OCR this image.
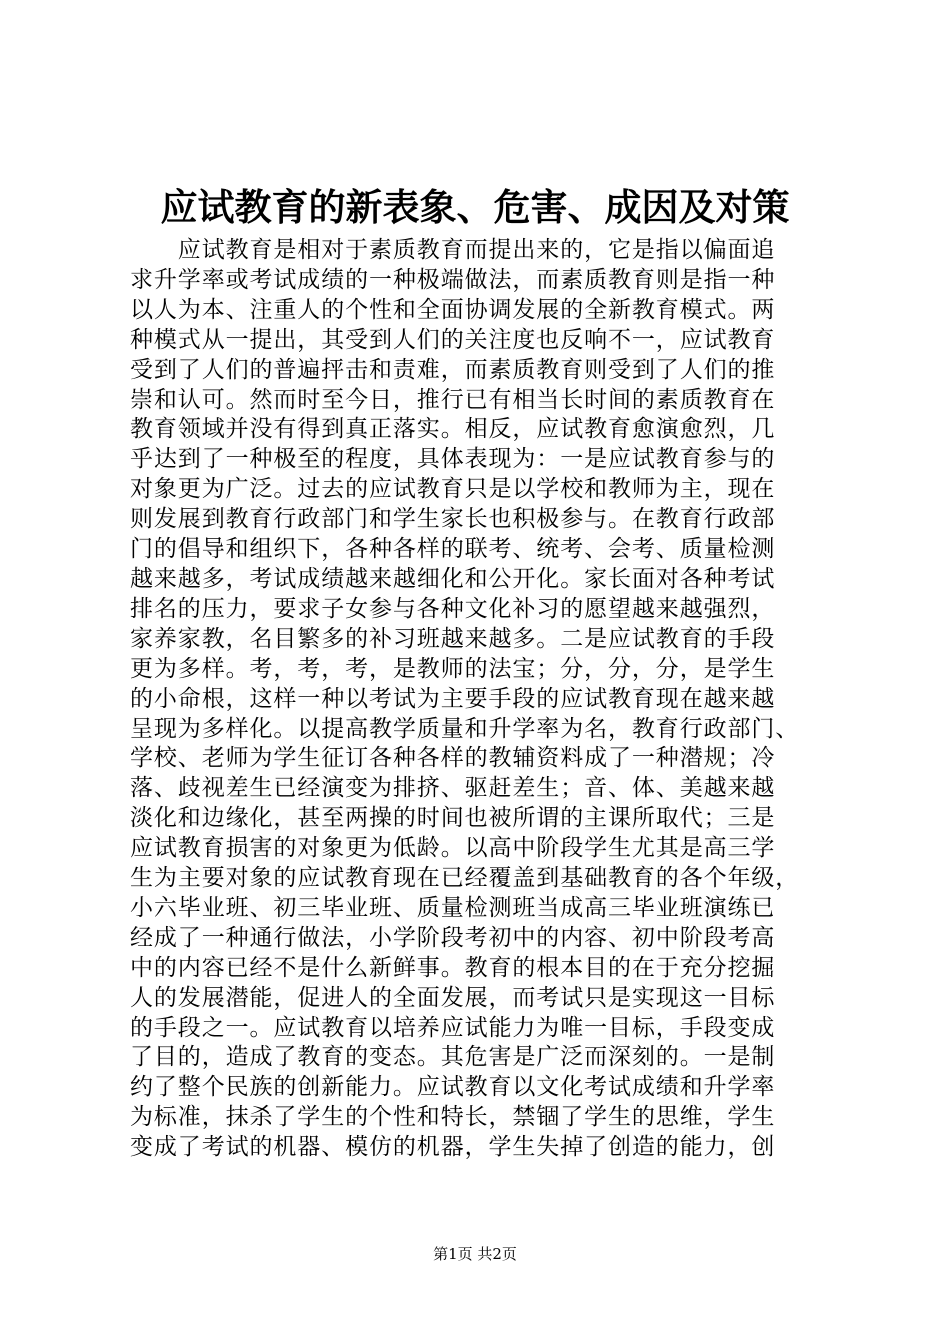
应试教育的新表象、危害、成因及对策
　　应试教育是相对于素质教育而提出来的，它是指以偏面追
求升学率或考试成绩的一种极端做法，而素质教育则是指一种
以人为本、注重人的个性和全面协调发展的全新教育模式。两
种模式从一提出，其受到人们的关注度也反响不一，应试教育
受到了人们的普遍抨击和责难，而素质教育则受到了人们的推
崇和认可。然而时至今日，推行已有相当长时间的素质教育在
教育领域并没有得到真正落实。相反，应试教育愈演愈烈，几
乎达到了一种极至的程度，具体表现为：一是应试教育参与的
对象更为广泛。过去的应试教育只是以学校和教师为主，现在
则发展到教育行政部门和学生家长也积极参与。在教育行政部
门的倡导和组织下，各种各样的联考、统考、会考、质量检测
越来越多，考试成绩越来越细化和公开化。家长面对各种考试
排名的压力，要求子女参与各种文化补习的愿望越来越强烈，
家养家教，名目繁多的补习班越来越多。二是应试教育的手段
更为多样。考，考，考，是教师的法宝；分，分，分，是学生
的小命根，这样一种以考试为主要手段的应试教育现在越来越
呈现为多样化。以提高教学质量和升学率为名，教育行政部门、
学校、老师为学生征订各种各样的教辅资料成了一种潜规；冷
落、歧视差生已经演变为排挤、驱赶差生；音、体、美越来越
淡化和边缘化，甚至两操的时间也被所谓的主课所取代；三是
应试教育损害的对象更为低龄。以高中阶段学生尤其是高三学
生为主要对象的应试教育现在已经覆盖到基础教育的各个年级，
小六毕业班、初三毕业班、质量检测班当成高三毕业班演练已
经成了一种通行做法，小学阶段考初中的内容、初中阶段考高
中的内容已经不是什么新鲜事。教育的根本目的在于充分挖掘
人的发展潜能，促进人的全面发展，而考试只是实现这一目标
的手段之一。应试教育以培养应试能力为唯一目标，手段变成
了目的，造成了教育的变态。其危害是广泛而深刻的。一是制
约了整个民族的创新能力。应试教育以文化考试成绩和升学率
为标准，抹杀了学生的个性和特长，禁锢了学生的思维，学生
变成了考试的机器、模仿的机器，学生失掉了创造的能力，创
第1页 共2页
